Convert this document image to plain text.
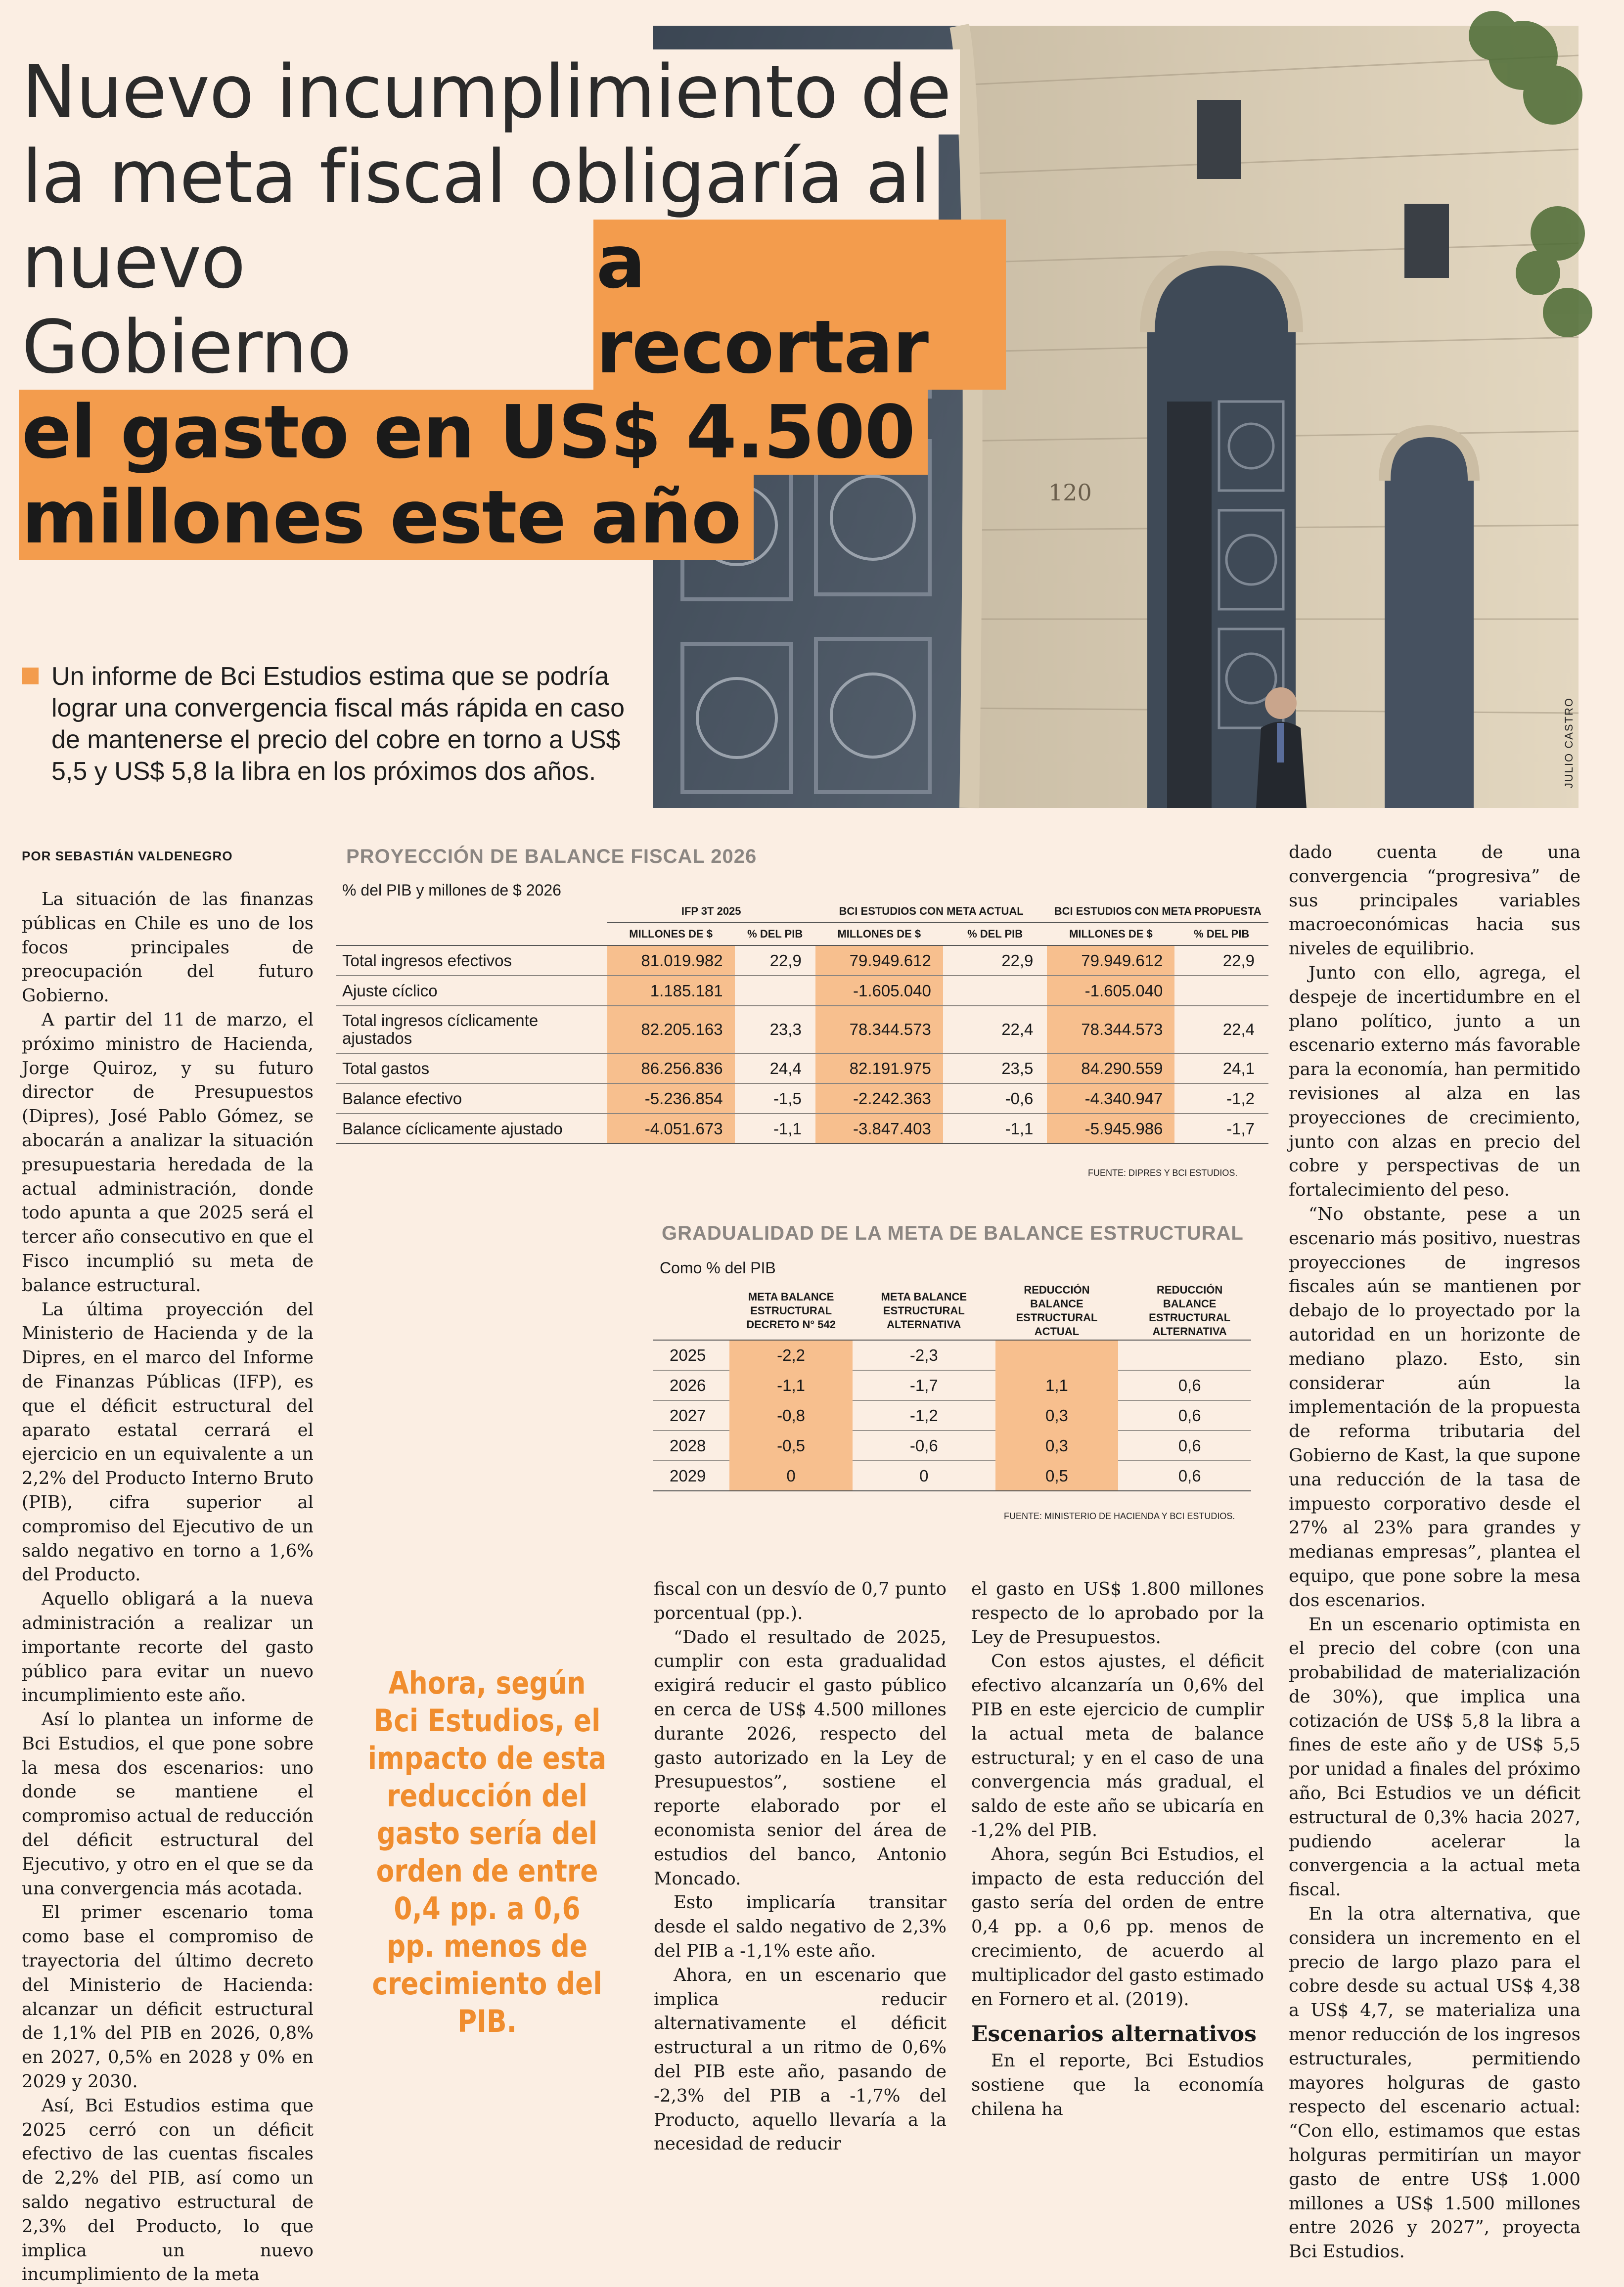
120
JULIO CASTRO
Nuevo incumplimiento de
la meta fiscal obligaría al
nuevo Gobierno
a recortar
el gasto en US$ 4.500
millones este año

Un informe de Bci Estudios estima que se podría lograr una convergencia fiscal más rápida en caso de mantenerse el precio del cobre en torno a US$ 5,5 y US$ 5,8 la libra en los próximos dos años.

POR SEBASTIÁN VALDENEGRO	PROYECCIÓN DE BALANCE FISCAL 2026
% del PIB y millones de $ 2026
	IFP 3T 2025		BCI ESTUDIOS CON META ACTUAL		BCI ESTUDIOS CON META PROPUESTA	
	MILLONES DE $	% DEL PIB	MILLONES DE $	% DEL PIB	MILLONES DE $	% DEL PIB
Total ingresos efectivos	81.019.982	22,9	79.949.612	22,9	79.949.612	22,9
Ajuste cíclico	1.185.181		-1.605.040		-1.605.040	
Total ingresos cíclicamente ajustados	82.205.163	23,3	78.344.573	22,4	78.344.573	22,4
Total gastos	86.256.836	24,4	82.191.975	23,5	84.290.559	24,1
Balance efectivo	-5.236.854	-1,5	-2.242.363	-0,6	-4.340.947	-1,2
Balance cíclicamente ajustado	-4.051.673	-1,1	-3.847.403	-1,1	-5.945.986	-1,7
FUENTE: DIPRES Y BCI ESTUDIOS.
GRADUALIDAD DE LA META DE BALANCE ESTRUCTURAL
Como % del PIB
	META BALANCE ESTRUCTURAL DECRETO N° 542		META BALANCE ESTRUCTURAL ALTERNATIVA		REDUCCIÓN BALANCE ESTRUCTURAL ACTUAL		REDUCCIÓN BALANCE ESTRUCTURAL ALTERNATIVA
2025	-2,2		-2,3				
2026	-1,1		-1,7		1,1		0,6
2027	-0,8		-1,2		0,3		0,6
2028	-0,5		-0,6		0,3		0,6
2029	0		0		0,5		0,6
FUENTE: MINISTERIO DE HACIENDA Y BCI ESTUDIOS.
Ahora, según Bci Estudios, el impacto de esta reducción del gasto sería del orden de entre 0,4 pp. a 0,6 pp. menos de crecimiento del PIB.

La situación de las finanzas públicas en Chile es uno de los focos principales de preocupación del futuro Gobierno.

A partir del 11 de marzo, el próximo ministro de Hacienda, Jorge Quiroz, y su futuro director de Presupuestos (Dipres), José Pablo Gómez, se abocarán a analizar la situación presupuestaria heredada de la actual administración, donde todo apunta a que 2025 será el tercer año consecutivo en que el Fisco incumplió su meta de balance estructural.

La última proyección del Ministerio de Hacienda y de la Dipres, en el marco del Informe de Finanzas Públicas (IFP), es que el déficit estructural del aparato estatal cerrará el ejercicio en un equivalente a un 2,2% del Producto Interno Bruto (PIB), cifra superior al compromiso del Ejecutivo de un saldo negativo en torno a 1,6% del Producto.

Aquello obligará a la nueva administración a realizar un importante recorte del gasto público para evitar un nuevo incumplimiento este año.

Así lo plantea un informe de Bci Estudios, el que pone sobre la mesa dos escenarios: uno donde se mantiene el compromiso actual de reducción del déficit estructural del Ejecutivo, y otro en el que se da una convergencia más acotada.

El primer escenario toma como base el compromiso de trayectoria del último decreto del Ministerio de Hacienda: alcanzar un déficit estructural de 1,1% del PIB en 2026, 0,8% en 2027, 0,5% en 2028 y 0% en 2029 y 2030.

Así, Bci Estudios estima que 2025 cerró con un déficit efectivo de las cuentas fiscales de 2,2% del PIB, así como un saldo negativo estructural de 2,3% del Producto, lo que implica un nuevo incumplimiento de la meta

fiscal con un desvío de 0,7 punto porcentual (pp.).

“Dado el resultado de 2025, cumplir con esta gradualidad exigirá reducir el gasto público en cerca de US$ 4.500 millones durante 2026, respecto del gasto autorizado en la Ley de Presupuestos”, sostiene el reporte elaborado por el economista senior del área de estudios del banco, Antonio Moncado.

Esto implicaría transitar desde el saldo negativo de 2,3% del PIB a -1,1% este año.

Ahora, en un escenario que implica reducir alternativamente el déficit estructural a un ritmo de 0,6% del PIB este año, pasando de -2,3% del PIB a -1,7% del Producto, aquello llevaría a la necesidad de reducir

el gasto en US$ 1.800 millones respecto de lo aprobado por la Ley de Presupuestos.

Con estos ajustes, el déficit efectivo alcanzaría un 0,6% del PIB en este ejercicio de cumplir la actual meta de balance estructural; y en el caso de una convergencia más gradual, el saldo de este año se ubicaría en -1,2% del PIB.

Ahora, según Bci Estudios, el impacto de esta reducción del gasto sería del orden de entre 0,4 pp. a 0,6 pp. menos de crecimiento, de acuerdo al multiplicador del gasto estimado en Fornero et al. (2019).

Escenarios alternativos

En el reporte, Bci Estudios sostiene que la economía chilena ha

dado cuenta de una convergencia “progresiva” de sus principales variables macroeconómicas hacia sus niveles de equilibrio.

Junto con ello, agrega, el despeje de incertidumbre en el plano político, junto a un escenario externo más favorable para la economía, han permitido revisiones al alza en las proyecciones de crecimiento, junto con alzas en precio del cobre y perspectivas de un fortalecimiento del peso.

“No obstante, pese a un escenario más positivo, nuestras proyecciones de ingresos fiscales aún se mantienen por debajo de lo proyectado por la autoridad en un horizonte de mediano plazo. Esto, sin considerar aún la implementación de la propuesta de reforma tributaria del Gobierno de Kast, la que supone una reducción de la tasa de impuesto corporativo desde el 27% al 23% para grandes y medianas empresas”, plantea el equipo, que pone sobre la mesa dos escenarios.

En un escenario optimista en el precio del cobre (con una probabilidad de materialización de 30%), que implica una cotización de US$ 5,8 la libra a fines de este año y de US$ 5,5 por unidad a finales del próximo año, Bci Estudios ve un déficit estructural de 0,3% hacia 2027, pudiendo acelerar la convergencia a la actual meta fiscal.

En la otra alternativa, que considera un incremento en el precio de largo plazo para el cobre desde su actual US$ 4,38 a US$ 4,7, se materializa una menor reducción de los ingresos estructurales, permitiendo mayores holguras de gasto respecto del escenario actual: “Con ello, estimamos que estas holguras permitirían un mayor gasto de entre US$ 1.000 millones a US$ 1.500 millones entre 2026 y 2027”, proyecta Bci Estudios.
